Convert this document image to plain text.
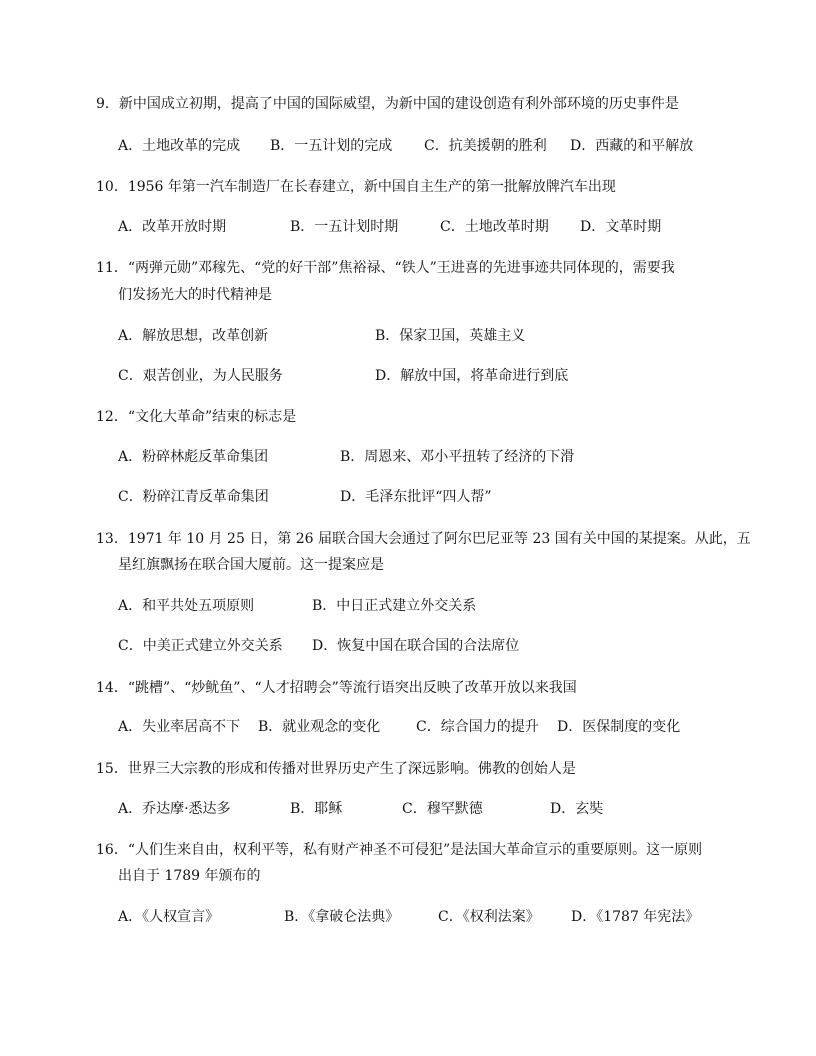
9．新中国成立初期，提高了中国的国际威望，为新中国的建设创造有利外部环境的历史事件是
A．土地改革的完成 B．一五计划的完成 C．抗美援朝的胜利 D．西藏的和平解放
10．1956 年第一汽车制造厂在长春建立，新中国自主生产的第一批解放牌汽车出现
A．改革开放时期	B．一五计划时期	C．土地改革时期 D．文革时期
11．“两弹元勋”邓稼先、“党的好干部”焦裕禄、“铁人”王进喜的先进事迹共同体现的，需要我
们发扬光大的时代精神是
A．解放思想，改革创新	B．保家卫国，英雄主义
C．艰苦创业，为人民服务	D．解放中国，将革命进行到底
12．“文化大革命”结束的标志是
A．粉碎林彪反革命集团	B．周恩来、邓小平扭转了经济的下滑
C．粉碎江青反革命集团	D．毛泽东批评“四人帮”
13．1971 年 10 月 25 日，第 26 届联合国大会通过了阿尔巴尼亚等 23 国有关中国的某提案。从此，五
星红旗飘扬在联合国大厦前。这一提案应是
A．和平共处五项原则	B．中日正式建立外交关系
C．中美正式建立外交关系 D．恢复中国在联合国的合法席位
14．“跳槽”、“炒鱿鱼”、“人才招聘会”等流行语突出反映了改革开放以来我国
A．失业率居高不下 B．就业观念的变化	C．综合国力的提升 D．医保制度的变化
15．世界三大宗教的形成和传播对世界历史产生了深远影响。佛教的创始人是
A．乔达摩·悉达多	B．耶稣	C．穆罕默德	D．玄奘
16．“人们生来自由，权利平等，私有财产神圣不可侵犯”是法国大革命宣示的重要原则。这一原则
出自于 1789 年颁布的
A．《人权宣言》	B．《拿破仑法典》	C．《权利法案》 D．《1787 年宪法》
